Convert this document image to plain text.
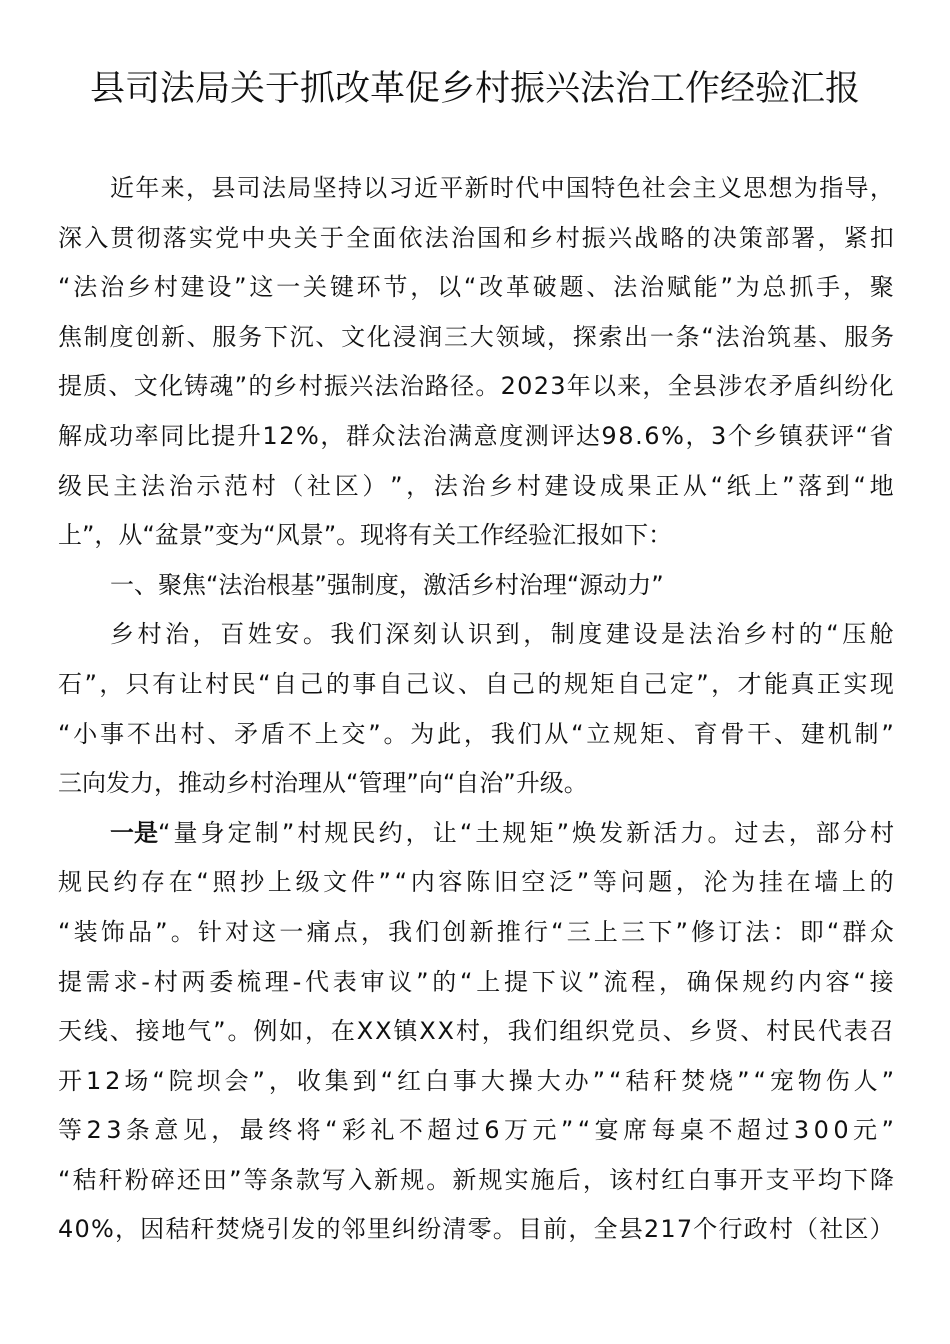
县司法局关于抓改革促乡村振兴法治工作经验汇报
近 年 来 ， 县 司 法 局 坚 持 以 习 近 平 新 时 代 中 国 特 色 社 会 主 义 思 想 为 指 导 ，
深 入 贯 彻 落 实 党 中 央 关 于 全 面 依 法 治 国 和 乡 村 振 兴 战 略 的 决 策 部 署 ， 紧 扣
“ 法 治 乡 村 建 设 ” 这 一 关 键 环 节 ， 以 “ 改 革 破 题 、 法 治 赋 能 ” 为 总 抓 手 ， 聚
焦 制 度 创 新 、 服 务 下 沉 、 文 化 浸 润 三 大 领 域 ， 探 索 出 一 条 “ 法 治 筑 基 、 服 务
提 质 、 文 化 铸 魂 ” 的 乡 村 振 兴 法 治 路 径 。 2 0 2 3 年 以 来 ， 全 县 涉 农 矛 盾 纠 纷 化
解 成 功 率 同 比 提 升 1 2 % ， 群 众 法 治 满 意 度 测 评 达 9 8 . 6 % ， 3 个 乡 镇 获 评 “ 省
级 民 主 法 治 示 范 村 （ 社 区 ） ” ， 法 治 乡 村 建 设 成 果 正 从 “ 纸 上 ” 落 到 “ 地
上”，从“盆景”变为“风景”。现将有关工作经验汇报如下：
一、聚焦“法治根基”强制度，激活乡村治理“源动力”
乡 村 治 ， 百 姓 安 。 我 们 深 刻 认 识 到 ， 制 度 建 设 是 法 治 乡 村 的 “ 压 舱
石 ” ， 只 有 让 村 民 “ 自 己 的 事 自 己 议 、 自 己 的 规 矩 自 己 定 ” ， 才 能 真 正 实 现
“ 小 事 不 出 村 、 矛 盾 不 上 交 ” 。 为 此 ， 我 们 从 “ 立 规 矩 、 育 骨 干 、 建 机 制 ”
三向发力，推动乡村治理从“管理”向“自治”升级。
一是 “ 量 身 定 制 ” 村 规 民 约 ， 让 “ 土 规 矩 ” 焕 发 新 活 力 。 过 去 ， 部 分 村
规 民 约 存 在 “ 照 抄 上 级 文 件 ” “ 内 容 陈 旧 空 泛 ” 等 问 题 ， 沦 为 挂 在 墙 上 的
“ 装 饰 品 ” 。 针 对 这 一 痛 点 ， 我 们 创 新 推 行 “ 三 上 三 下 ” 修 订 法 ： 即 “ 群 众
提 需 求 - 村 两 委 梳 理 - 代 表 审 议 ” 的 “ 上 提 下 议 ” 流 程 ， 确 保 规 约 内 容 “ 接
天 线 、 接 地 气 ” 。 例 如 ， 在 X X 镇 X X 村 ， 我 们 组 织 党 员 、 乡 贤 、 村 民 代 表 召
开 1 2 场 “ 院 坝 会 ” ， 收 集 到 “ 红 白 事 大 操 大 办 ” “ 秸 秆 焚 烧 ” “ 宠 物 伤 人 ”
等 2 3 条 意 见 ， 最 终 将 “ 彩 礼 不 超 过 6 万 元 ” “ 宴 席 每 桌 不 超 过 3 0 0 元 ”
“ 秸 秆 粉 碎 还 田 ” 等 条 款 写 入 新 规 。 新 规 实 施 后 ， 该 村 红 白 事 开 支 平 均 下 降
4 0 % ， 因 秸 秆 焚 烧 引 发 的 邻 里 纠 纷 清 零 。 目 前 ， 全 县 2 1 7 个 行 政 村 （ 社 区 ）
